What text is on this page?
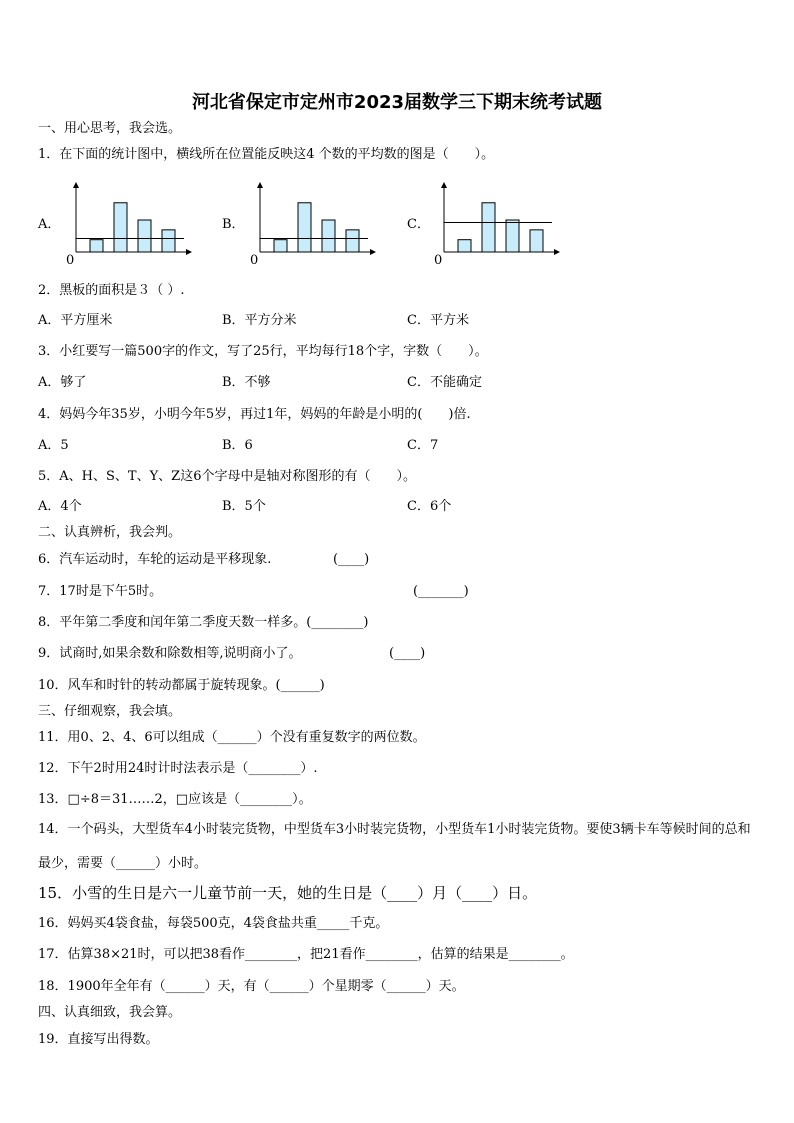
河北省保定市定州市2023届数学三下期末统考试题
一、用心思考，我会选。
1．在下面的统计图中，横线所在位置能反映这4 个数的平均数的图是（　　）。
A．
0
B．
0
C．
0
2．黑板的面积是３（ ）.
A．平方厘米	B．平方分米	C．平方米
3．小红要写一篇500字的作文，写了25行，平均每行18个字，字数（　　）。
A．够了	B．不够	C．不能确定
4．妈妈今年35岁，小明今年5岁，再过1年，妈妈的年龄是小明的(　　)倍.
A．5	B．6	C．7
5．A、H、S、T、Y、Z这6个字母中是轴对称图形的有（　　）。
A．4个	B．5个	C．6个
二、认真辨析，我会判。
6．汽车运动时，车轮的运动是平移现象.	(____)
7．17时是下午5时。	(_______)
8．平年第二季度和闰年第二季度天数一样多。(________)
9．试商时,如果余数和除数相等,说明商小了。	(____)
10．风车和时针的转动都属于旋转现象。(______)
三、仔细观察，我会填。
11．用0、2、4、6可以组成（______）个没有重复数字的两位数。
12．下午2时用24时计时法表示是（________）.
13．□÷8＝31……2，□应该是（________）。
14．一个码头，大型货车4小时装完货物，中型货车3小时装完货物，小型货车1小时装完货物。要使3辆卡车等候时间的总和最少，需要（______）小时。
15．小雪的生日是六一儿童节前一天，她的生日是（____）月（____）日。
16．妈妈买4袋食盐，每袋500克，4袋食盐共重_____千克。
17．估算38×21时，可以把38看作________，把21看作________，估算的结果是________。
18．1900年全年有（______）天，有（______）个星期零（______）天。
四、认真细致，我会算。
19．直接写出得数。
